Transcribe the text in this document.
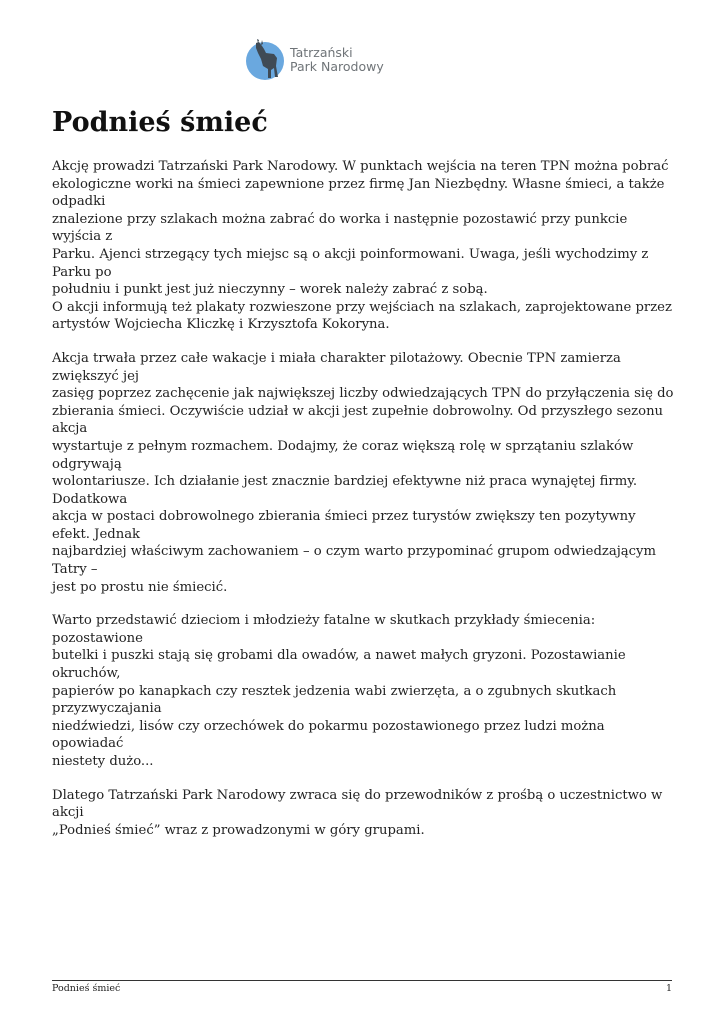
Tatrzański
Park Narodowy
Podnieś śmieć

Akcję prowadzi Tatrzański Park Narodowy. W punktach wejścia na teren TPN można pobrać
ekologiczne worki na śmieci zapewnione przez firmę Jan Niezbędny. Własne śmieci, a także odpadki
znalezione przy szlakach można zabrać do worka i następnie pozostawić przy punkcie wyjścia z
Parku. Ajenci strzegący tych miejsc są o akcji poinformowani. Uwaga, jeśli wychodzimy z Parku po
południu i punkt jest już nieczynny – worek należy zabrać z sobą.
O akcji informują też plakaty rozwieszone przy wejściach na szlakach, zaprojektowane przez
artystów Wojciecha Kliczkę i Krzysztofa Kokoryna.

Akcja trwała przez całe wakacje i miała charakter pilotażowy. Obecnie TPN zamierza zwiększyć jej
zasięg poprzez zachęcenie jak największej liczby odwiedzających TPN do przyłączenia się do
zbierania śmieci. Oczywiście udział w akcji jest zupełnie dobrowolny. Od przyszłego sezonu akcja
wystartuje z pełnym rozmachem. Dodajmy, że coraz większą rolę w sprzątaniu szlaków odgrywają
wolontariusze. Ich działanie jest znacznie bardziej efektywne niż praca wynajętej firmy. Dodatkowa
akcja w postaci dobrowolnego zbierania śmieci przez turystów zwiększy ten pozytywny efekt. Jednak
najbardziej właściwym zachowaniem – o czym warto przypominać grupom odwiedzającym Tatry –
jest po prostu nie śmiecić.

Warto przedstawić dzieciom i młodzieży fatalne w skutkach przykłady śmiecenia: pozostawione
butelki i puszki stają się grobami dla owadów, a nawet małych gryzoni. Pozostawianie okruchów,
papierów po kanapkach czy resztek jedzenia wabi zwierzęta, a o zgubnych skutkach przyzwyczajania
niedźwiedzi, lisów czy orzechówek do pokarmu pozostawionego przez ludzi można opowiadać
niestety dużo...

Dlatego Tatrzański Park Narodowy zwraca się do przewodników z prośbą o uczestnictwo w akcji
„Podnieś śmieć” wraz z prowadzonymi w góry grupami.

Podnieś śmieć	1
